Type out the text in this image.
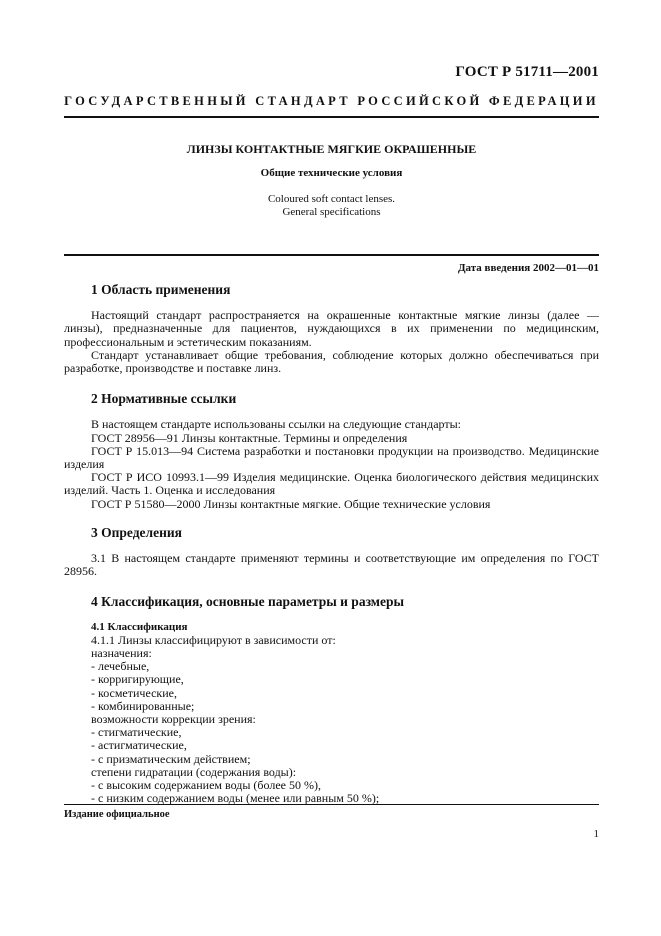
ГОСТ Р 51711—2001
ГОСУДАРСТВЕННЫЙ СТАНДАРТ РОССИЙСКОЙ ФЕДЕРАЦИИ
ЛИНЗЫ КОНТАКТНЫЕ МЯГКИЕ ОКРАШЕННЫЕ
Общие технические условия
Coloured soft contact lenses.
General specifications
Дата введения 2002—01—01

1 Область применения

Настоящий стандарт распространяется на окрашенные контактные мягкие линзы (далее — линзы), предназначенные для пациентов, нуждающихся в их применении по медицинским, профессиональным и эстетическим показаниям.

Стандарт устанавливает общие требования, соблюдение которых должно обеспечиваться при разработке, производстве и поставке линз.

2 Нормативные ссылки

В настоящем стандарте использованы ссылки на следующие стандарты:

ГОСТ 28956—91 Линзы контактные. Термины и определения

ГОСТ Р 15.013—94 Система разработки и постановки продукции на производство. Медицинские изделия

ГОСТ Р ИСО 10993.1—99 Изделия медицинские. Оценка биологического действия медицинских изделий. Часть 1. Оценка и исследования

ГОСТ Р 51580—2000 Линзы контактные мягкие. Общие технические условия

3 Определения

3.1 В настоящем стандарте применяют термины и соответствующие им определения по ГОСТ 28956.

4 Классификация, основные параметры и размеры

4.1 Классификация

4.1.1 Линзы классифицируют в зависимости от:

назначения:

- лечебные,

- корригирующие,

- косметические,

- комбинированные;

возможности коррекции зрения:

- стигматические,

- астигматические,

- с призматическим действием;

степени гидратации (содержания воды):

- с высоким содержанием воды (более 50 %),

- с низким содержанием воды (менее или равным 50 %);

Издание официальное
1
